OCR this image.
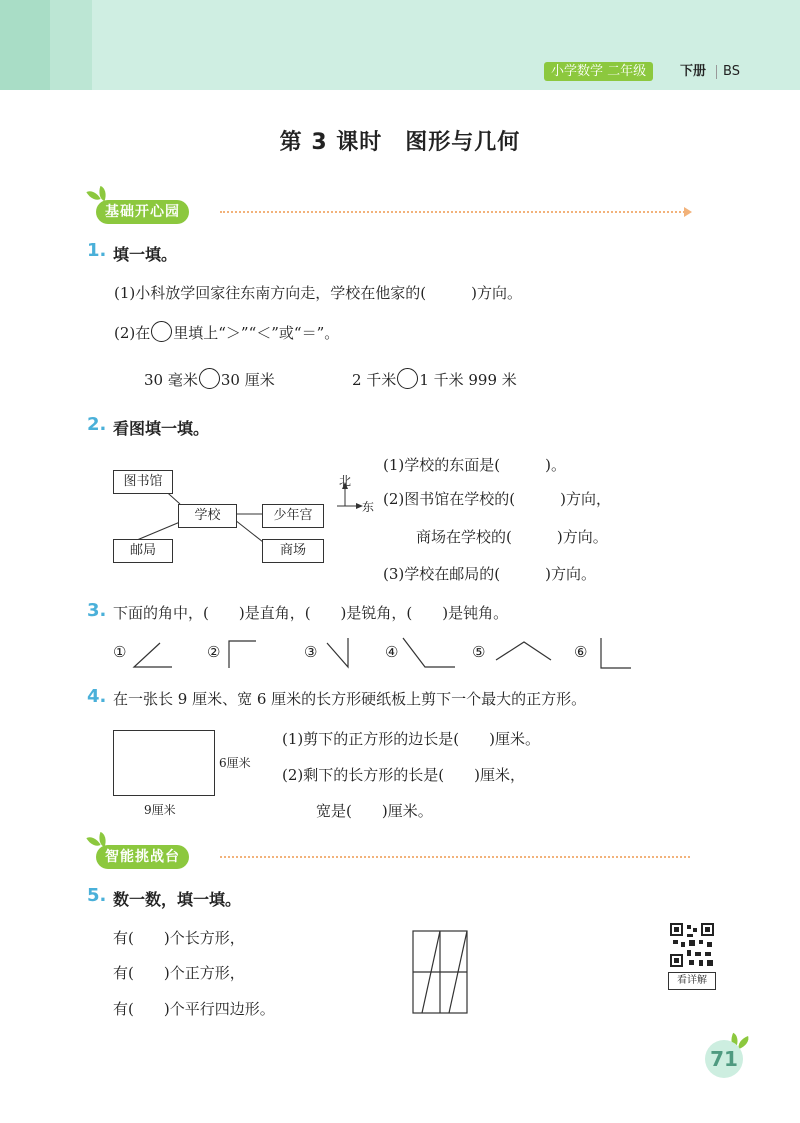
小学数学 二年级	下册 BS
第 3 课时　图形与几何
基础开心园
1. 填一填。
(1)小科放学回家往东南方向走，学校在他家的(　　　)方向。
(2)在 里填上“＞”“＜”或“＝”。
30 毫米 30 厘米	2 千米 1 千米 999 米
2. 看图填一填。
图书馆
学校	少年宫
邮局	商场
北
东
(1)学校的东面是(　　　)。
(2)图书馆在学校的(　　　)方向，
商场在学校的(　　　)方向。
(3)学校在邮局的(　　　)方向。
3. 下面的角中，(　　)是直角，(　　)是锐角，(　　)是钝角。
①	②	③	④	⑤	⑥
4. 在一张长 9 厘米、宽 6 厘米的长方形硬纸板上剪下一个最大的正方形。
6厘米
9厘米
(1)剪下的正方形的边长是(　　)厘米。
(2)剩下的长方形的长是(　　)厘米，
宽是(　　)厘米。
智能挑战台
5. 数一数，填一填。
有(　　)个长方形，
有(　　)个正方形，
有(　　)个平行四边形。
看详解
71
